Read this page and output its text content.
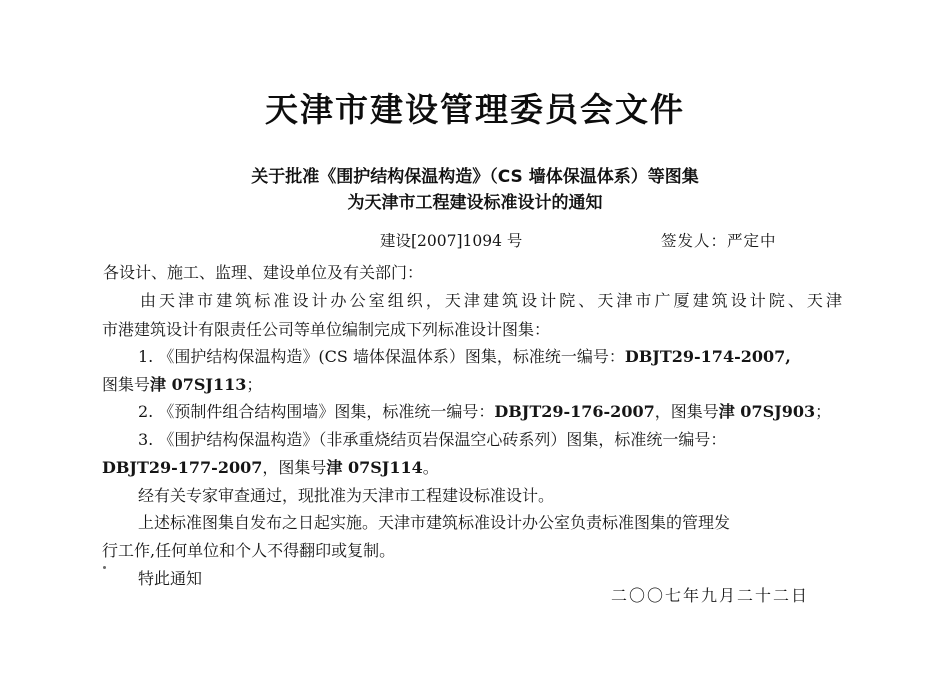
天津市建设管理委员会文件
关于批准《围护结构保温构造》（CS 墙体保温体系）等图集
为天津市工程建设标准设计的通知
建设[2007]1094 号	签发人：严定中
各设计、施工、监理、建设单位及有关部门：
由天津市建筑标准设计办公室组织，天津建筑设计院、天津市广厦建筑设计院、天津
市港建筑设计有限责任公司等单位编制完成下列标准设计图集：
1. 《围护结构保温构造》(CS 墙体保温体系）图集，标准统一编号：DBJT29-174-2007,
图集号津 07SJ113；
2. 《预制件组合结构围墙》图集，标准统一编号：DBJT29-176-2007，图集号津 07SJ903；
3. 《围护结构保温构造》（非承重烧结页岩保温空心砖系列）图集，标准统一编号：
DBJT29-177-2007，图集号津 07SJ114。
经有关专家审查通过，现批准为天津市工程建设标准设计。
上述标准图集自发布之日起实施。天津市建筑标准设计办公室负责标准图集的管理发
行工作,任何单位和个人不得翻印或复制。
特此通知
二〇〇七年九月二十二日
